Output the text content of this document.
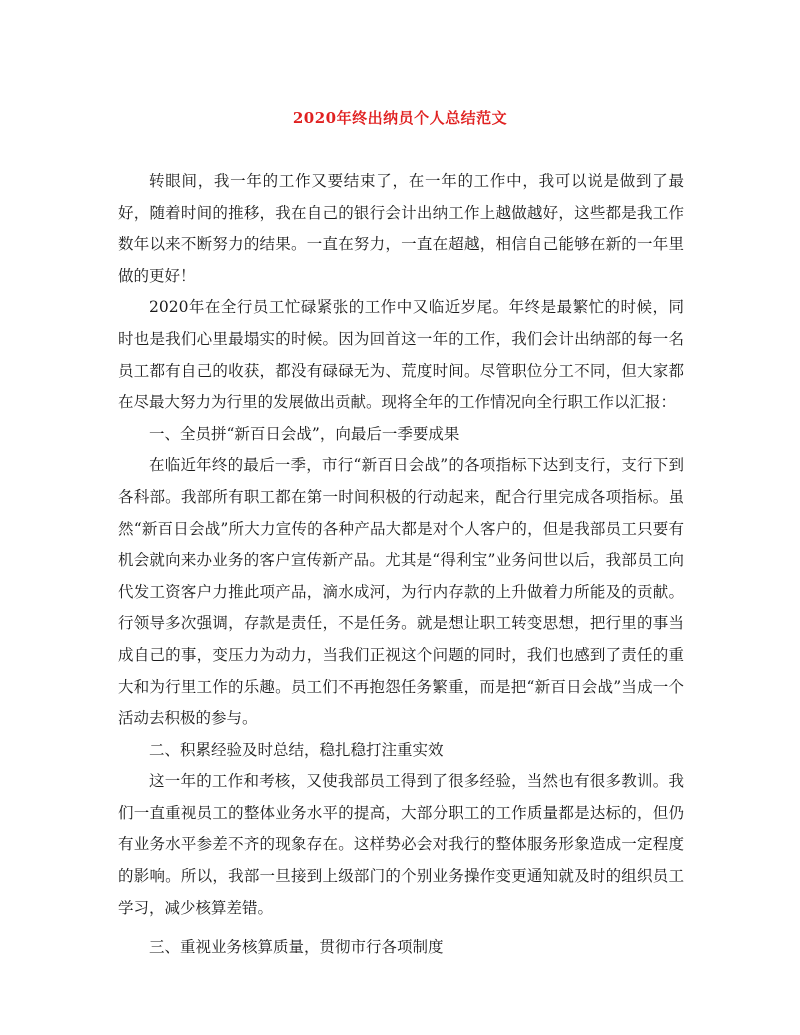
2020年终出纳员个人总结范文

转眼间，我一年的工作又要结束了，在一年的工作中，我可以说是做到了最好，随着时间的推移，我在自己的银行会计出纳工作上越做越好，这些都是我工作数年以来不断努力的结果。一直在努力，一直在超越，相信自己能够在新的一年里做的更好！

2020年在全行员工忙碌紧张的工作中又临近岁尾。年终是最繁忙的时候，同时也是我们心里最塌实的时候。因为回首这一年的工作，我们会计出纳部的每一名员工都有自己的收获，都没有碌碌无为、荒度时间。尽管职位分工不同，但大家都在尽最大努力为行里的发展做出贡献。现将全年的工作情况向全行职工作以汇报：

一、全员拼“新百日会战”，向最后一季要成果

在临近年终的最后一季，市行“新百日会战”的各项指标下达到支行，支行下到各科部。我部所有职工都在第一时间积极的行动起来，配合行里完成各项指标。虽然“新百日会战”所大力宣传的各种产品大都是对个人客户的，但是我部员工只要有机会就向来办业务的客户宣传新产品。尤其是“得利宝”业务问世以后，我部员工向代发工资客户力推此项产品，滴水成河，为行内存款的上升做着力所能及的贡献。行领导多次强调，存款是责任，不是任务。就是想让职工转变思想，把行里的事当成自己的事，变压力为动力，当我们正视这个问题的同时，我们也感到了责任的重大和为行里工作的乐趣。员工们不再抱怨任务繁重，而是把“新百日会战”当成一个活动去积极的参与。

二、积累经验及时总结，稳扎稳打注重实效

这一年的工作和考核，又使我部员工得到了很多经验，当然也有很多教训。我们一直重视员工的整体业务水平的提高，大部分职工的工作质量都是达标的，但仍有业务水平参差不齐的现象存在。这样势必会对我行的整体服务形象造成一定程度的影响。所以，我部一旦接到上级部门的个别业务操作变更通知就及时的组织员工学习，减少核算差错。

三、重视业务核算质量，贯彻市行各项制度
